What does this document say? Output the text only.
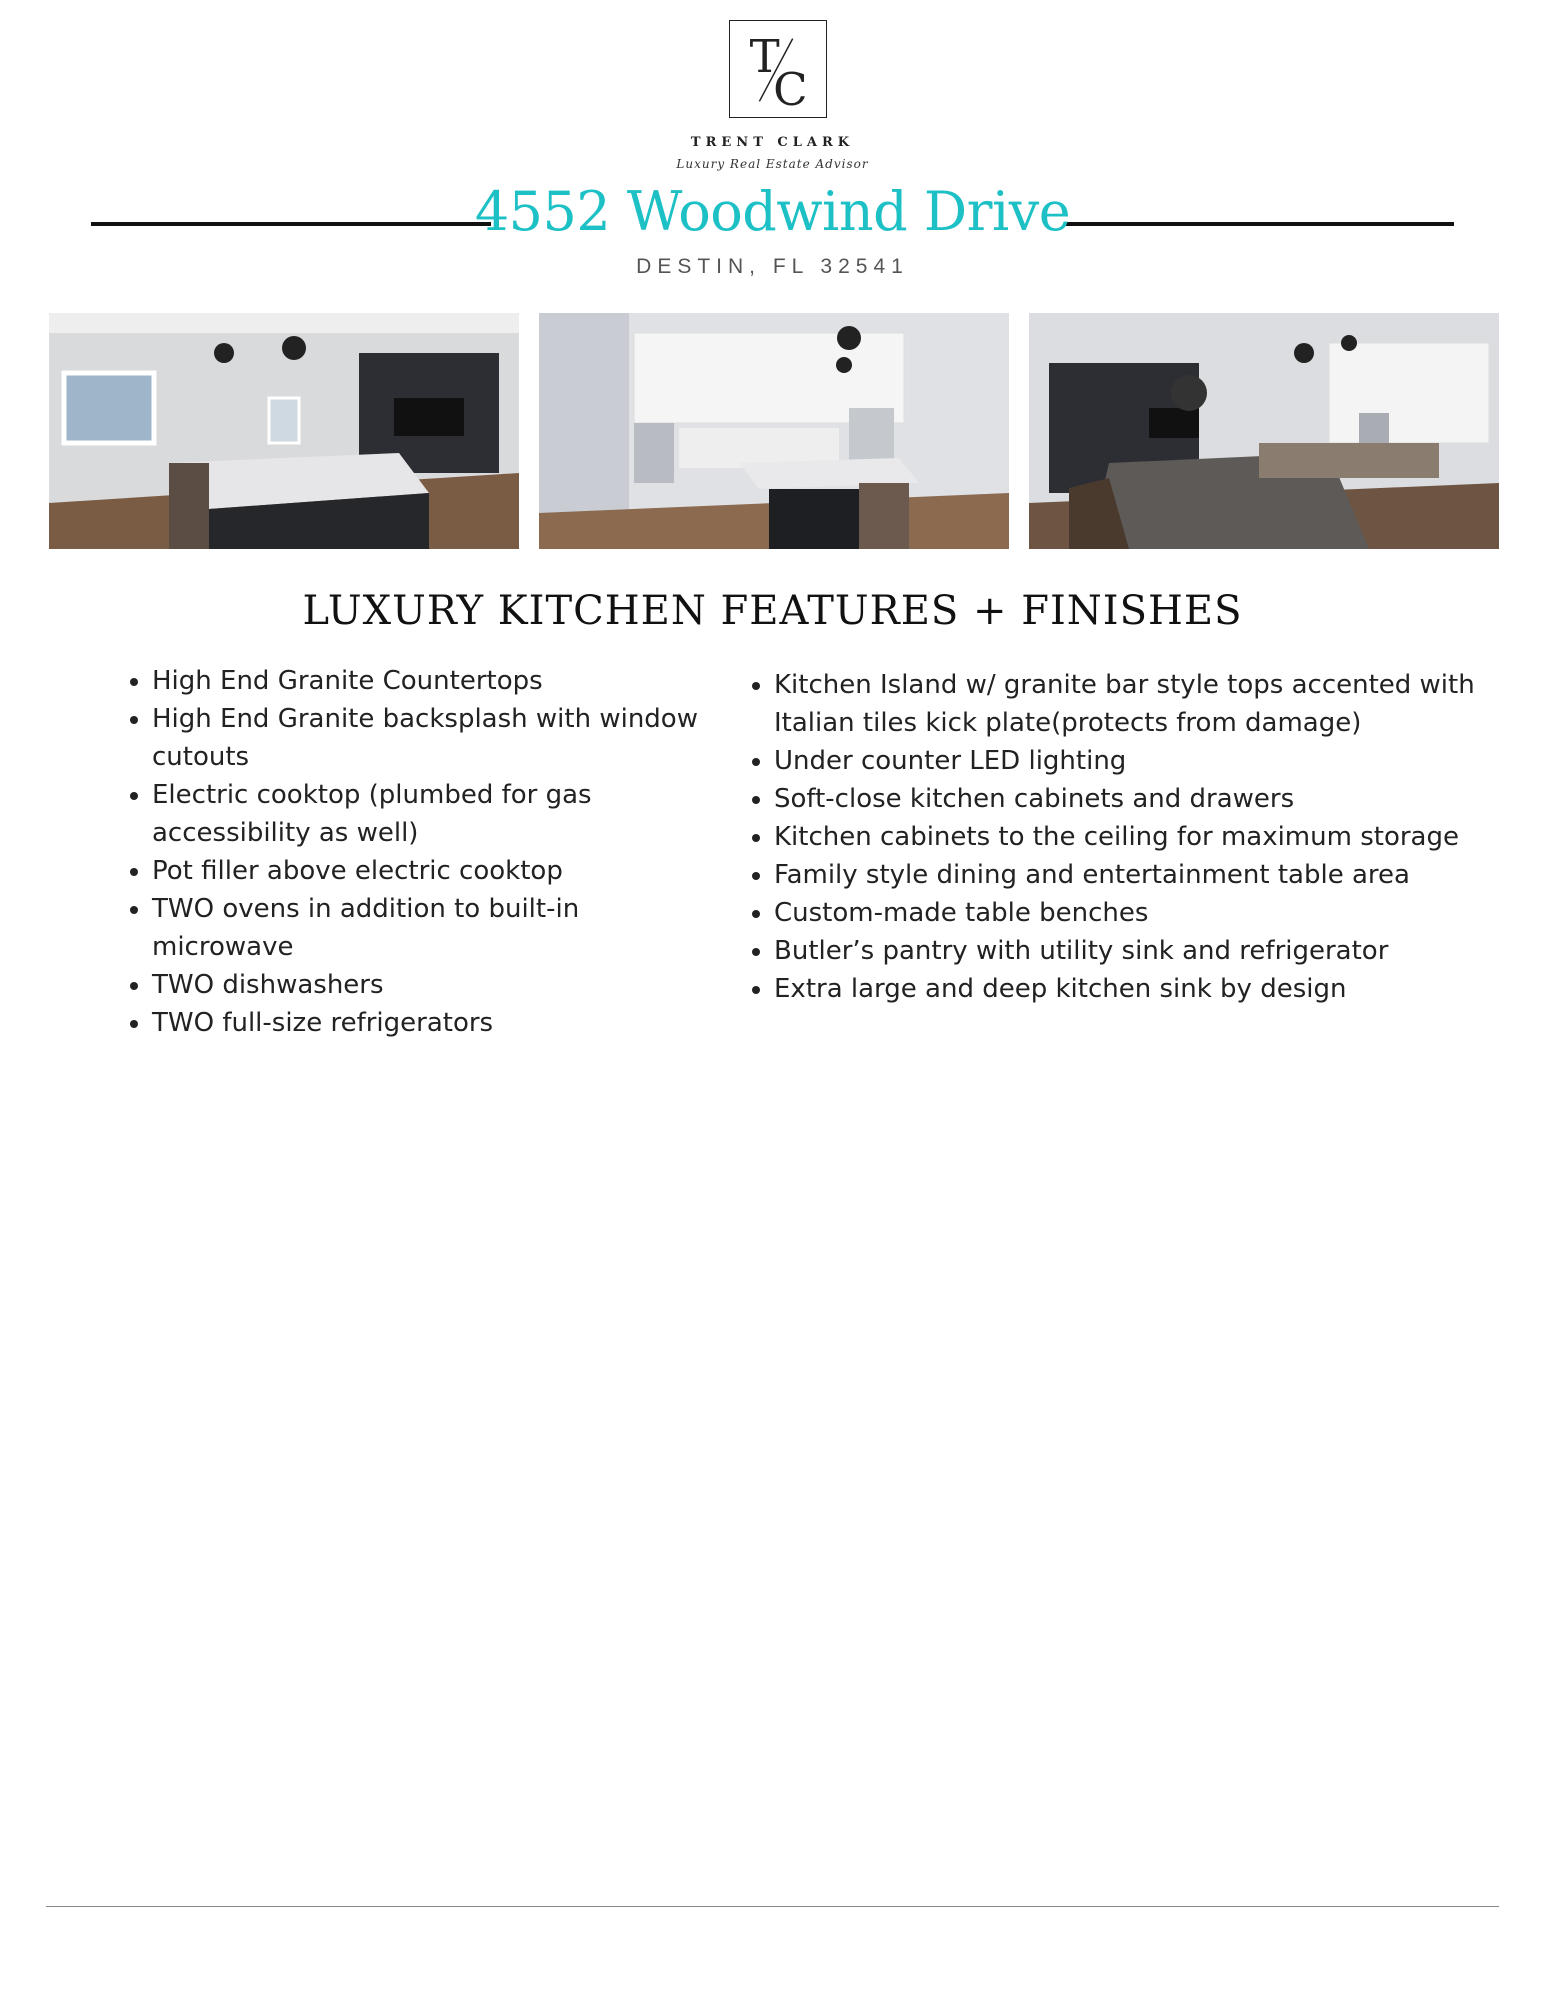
T
C
TRENT CLARK
Luxury Real Estate Advisor
4552 Woodwind Drive
DESTIN, FL 32541
LUXURY KITCHEN FEATURES + FINISHES
• High End Granite Countertops
• High End Granite backsplash with window cutouts
• Electric cooktop (plumbed for gas accessibility as well)
• Pot filler above electric cooktop
• TWO ovens in addition to built-in microwave
• TWO dishwashers
• TWO full-size refrigerators
• Kitchen Island w/ granite bar style tops accented with Italian tiles kick plate(protects from damage)
• Under counter LED lighting
• Soft-close kitchen cabinets and drawers
• Kitchen cabinets to the ceiling for maximum storage
• Family style dining and entertainment table area
• Custom-made table benches
• Butler’s pantry with utility sink and refrigerator
• Extra large and deep kitchen sink by design
